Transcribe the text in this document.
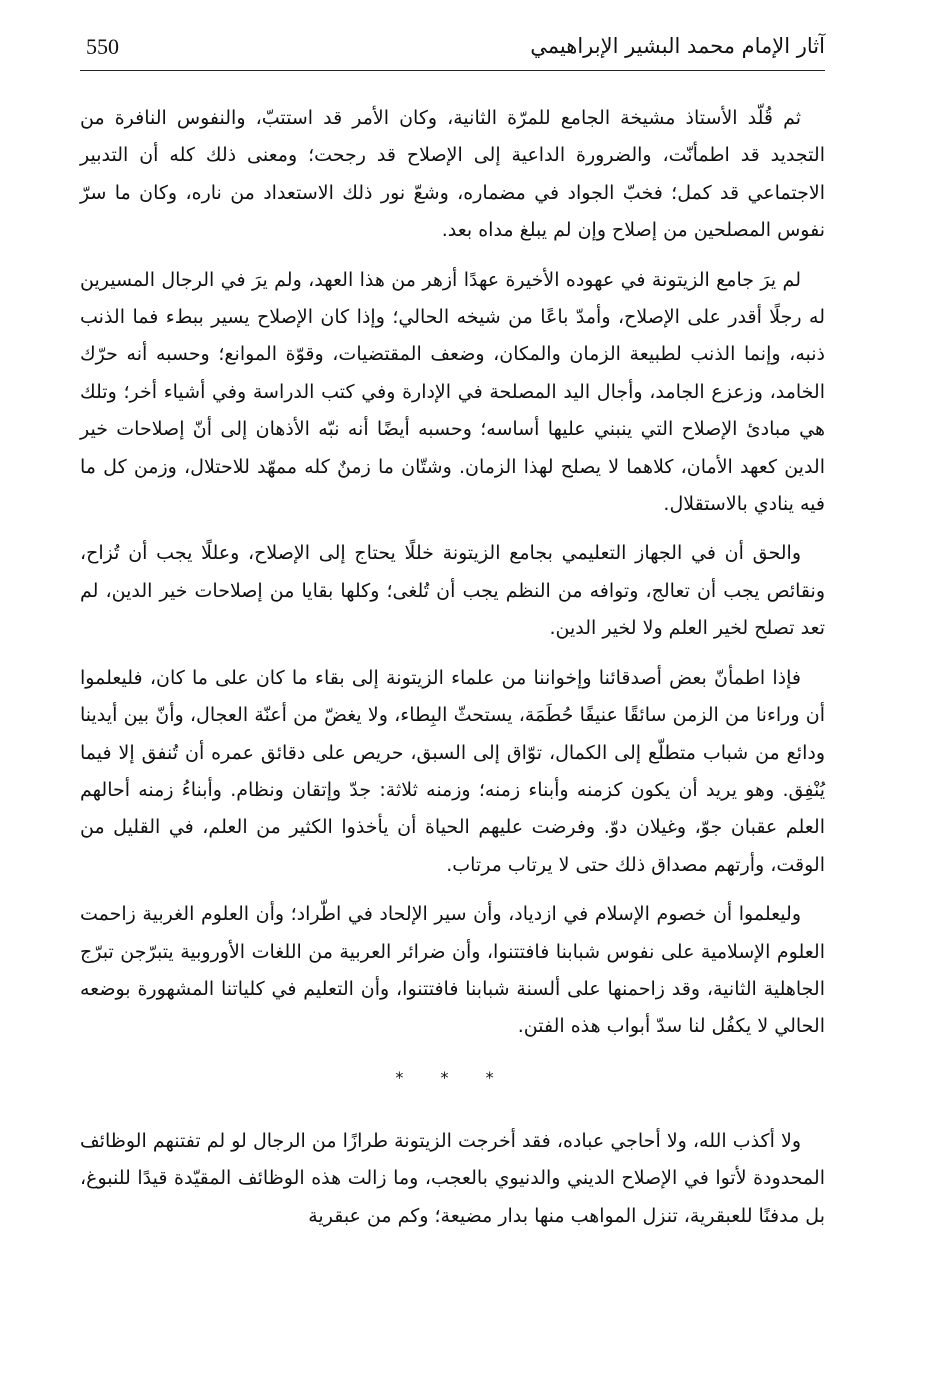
550	آثار الإمام محمد البشير الإبراهيمي

ثم قُلّد الأستاذ مشيخة الجامع للمرّة الثانية، وكان الأمر قد استتبّ، والنفوس النافرة من التجديد قد اطمأنّت، والضرورة الداعية إلى الإصلاح قد رجحت؛ ومعنى ذلك كله أن التدبير الاجتماعي قد كمل؛ فخبّ الجواد في مضماره، وشعّ نور ذلك الاستعداد من ناره، وكان ما سرّ نفوس المصلحين من إصلاح وإن لم يبلغ مداه بعد.

لم يرَ جامع الزيتونة في عهوده الأخيرة عهدًا أزهر من هذا العهد، ولم يرَ في الرجال المسيرين له رجلًا أقدر على الإصلاح، وأمدّ باعًا من شيخه الحالي؛ وإذا كان الإصلاح يسير ببطء فما الذنب ذنبه، وإنما الذنب لطبيعة الزمان والمكان، وضعف المقتضيات، وقوّة الموانع؛ وحسبه أنه حرّك الخامد، وزعزع الجامد، وأجال اليد المصلحة في الإدارة وفي كتب الدراسة وفي أشياء أخر؛ وتلك هي مبادئ الإصلاح التي ينبني عليها أساسه؛ وحسبه أيضًا أنه نبّه الأذهان إلى أنّ إصلاحات خير الدين كعهد الأمان، كلاهما لا يصلح لهذا الزمان. وشتّان ما زمنٌ كله ممهّد للاحتلال، وزمن كل ما فيه ينادي بالاستقلال.

والحق أن في الجهاز التعليمي بجامع الزيتونة خللًا يحتاج إلى الإصلاح، وعللًا يجب أن تُزاح، ونقائص يجب أن تعالج، وتوافه من النظم يجب أن تُلغى؛ وكلها بقايا من إصلاحات خير الدين، لم تعد تصلح لخير العلم ولا لخير الدين.

فإذا اطمأنّ بعض أصدقائنا وإخواننا من علماء الزيتونة إلى بقاء ما كان على ما كان، فليعلموا أن وراءنا من الزمن سائقًا عنيفًا حُطَمَة، يستحثّ البِطاء، ولا يغضّ من أعنّة العجال، وأنّ بين أيدينا ودائع من شباب متطلّع إلى الكمال، توّاق إلى السبق، حريص على دقائق عمره أن تُنفق إلا فيما يُنْفِق. وهو يريد أن يكون كزمنه وأبناء زمنه؛ وزمنه ثلاثة: جدّ وإتقان ونظام. وأبناءُ زمنه أحالهم العلم عقبان جوّ، وغيلان دوّ. وفرضت عليهم الحياة أن يأخذوا الكثير من العلم، في القليل من الوقت، وأرتهم مصداق ذلك حتى لا يرتاب مرتاب.

وليعلموا أن خصوم الإسلام في ازدياد، وأن سير الإلحاد في اطّراد؛ وأن العلوم الغربية زاحمت العلوم الإسلامية على نفوس شبابنا فافتتنوا، وأن ضرائر العربية من اللغات الأوروبية يتبرّجن تبرّج الجاهلية الثانية، وقد زاحمنها على ألسنة شبابنا فافتتنوا، وأن التعليم في كلياتنا المشهورة بوضعه الحالي لا يكفُل لنا سدّ أبواب هذه الفتن.

* * *

ولا أكذب الله، ولا أحاجي عباده، فقد أخرجت الزيتونة طرازًا من الرجال لو لم تفتنهم الوظائف المحدودة لأتوا في الإصلاح الديني والدنيوي بالعجب، وما زالت هذه الوظائف المقيّدة قيدًا للنبوغ، بل مدفنًا للعبقرية، تنزل المواهب منها بدار مضيعة؛ وكم من عبقرية
